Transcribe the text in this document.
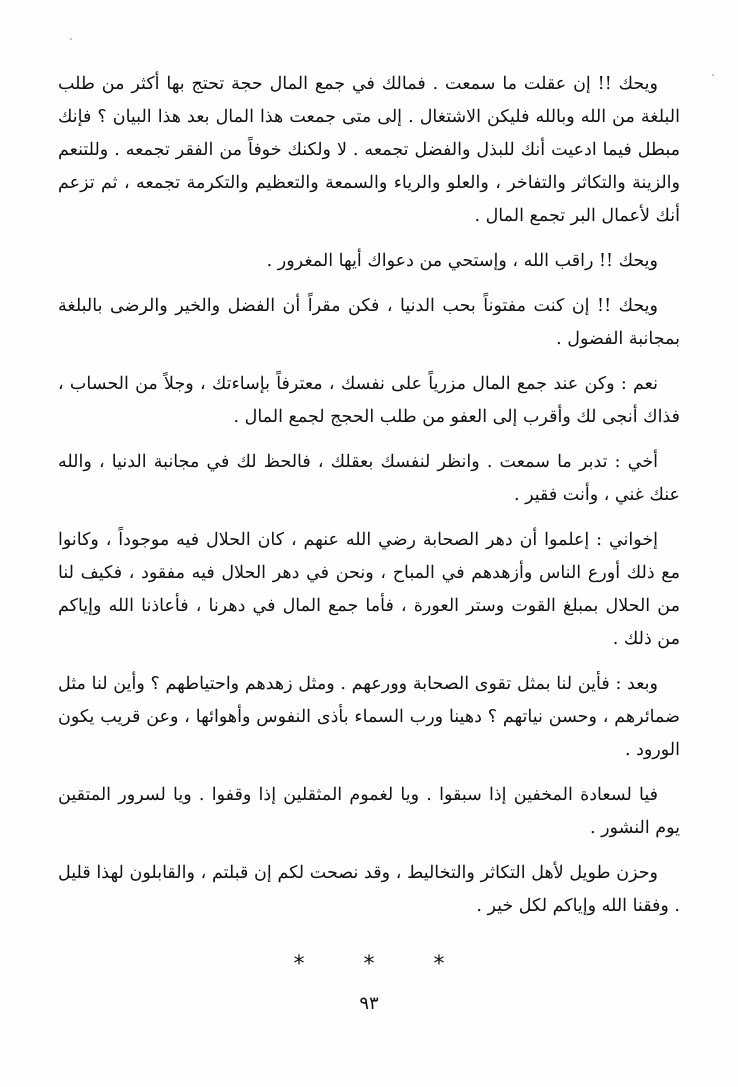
ويحك !! إن عقلت ما سمعت . فمالك في جمع المال حجة تحتج بها أكثر من طلب البلغة من الله وبالله فليكن الاشتغال . إلى متى جمعت هذا المال بعد هذا البيان ؟ فإنك مبطل فيما ادعيت أنك للبذل والفضل تجمعه . لا ولكنك خوفاً من الفقر تجمعه . وللتنعم والزينة والتكاثر والتفاخر ، والعلو والرياء والسمعة والتعظيم والتكرمة تجمعه ، ثم تزعم أنك لأعمال البر تجمع المال .

ويحك !! راقب الله ، وإستحي من دعواك أيها المغرور .

ويحك !! إن كنت مفتوناً بحب الدنيا ، فكن مقراً أن الفضل والخير والرضى بالبلغة بمجانبة الفضول .

نعم : وكن عند جمع المال مزرياً على نفسك ، معترفاً بإساءتك ، وجلاً من الحساب ، فذاك أنجى لك وأقرب إلى العفو من طلب الحجج لجمع المال .

أخي : تدبر ما سمعت . وانظر لنفسك بعقلك ، فالحظ لك في مجانبة الدنيا ، والله عنك غني ، وأنت فقير .

إخواني : إعلموا أن دهر الصحابة رضي الله عنهم ، كان الحلال فيه موجوداً ، وكانوا مع ذلك أورع الناس وأزهدهم في المباح ، ونحن في دهر الحلال فيه مفقود ، فكيف لنا من الحلال بمبلغ القوت وستر العورة ، فأما جمع المال في دهرنا ، فأعاذنا الله وإياكم من ذلك .

وبعد : فأين لنا بمثل تقوى الصحابة وورعهم . ومثل زهدهم واحتياطهم ؟ وأين لنا مثل ضمائرهم ، وحسن نياتهم ؟ دهينا ورب السماء بأذى النفوس وأهوائها ، وعن قريب يكون الورود .

فيا لسعادة المخفين إذا سبقوا . ويا لغموم المثقلين إذا وقفوا . ويا لسرور المتقين يوم النشور .

وحزن طويل لأهل التكاثر والتخاليط ، وقد نصحت لكم إن قبلتم ، والقابلون لهذا قليل . وفقنا الله وإياكم لكل خير .

*	*	*
٩٣
